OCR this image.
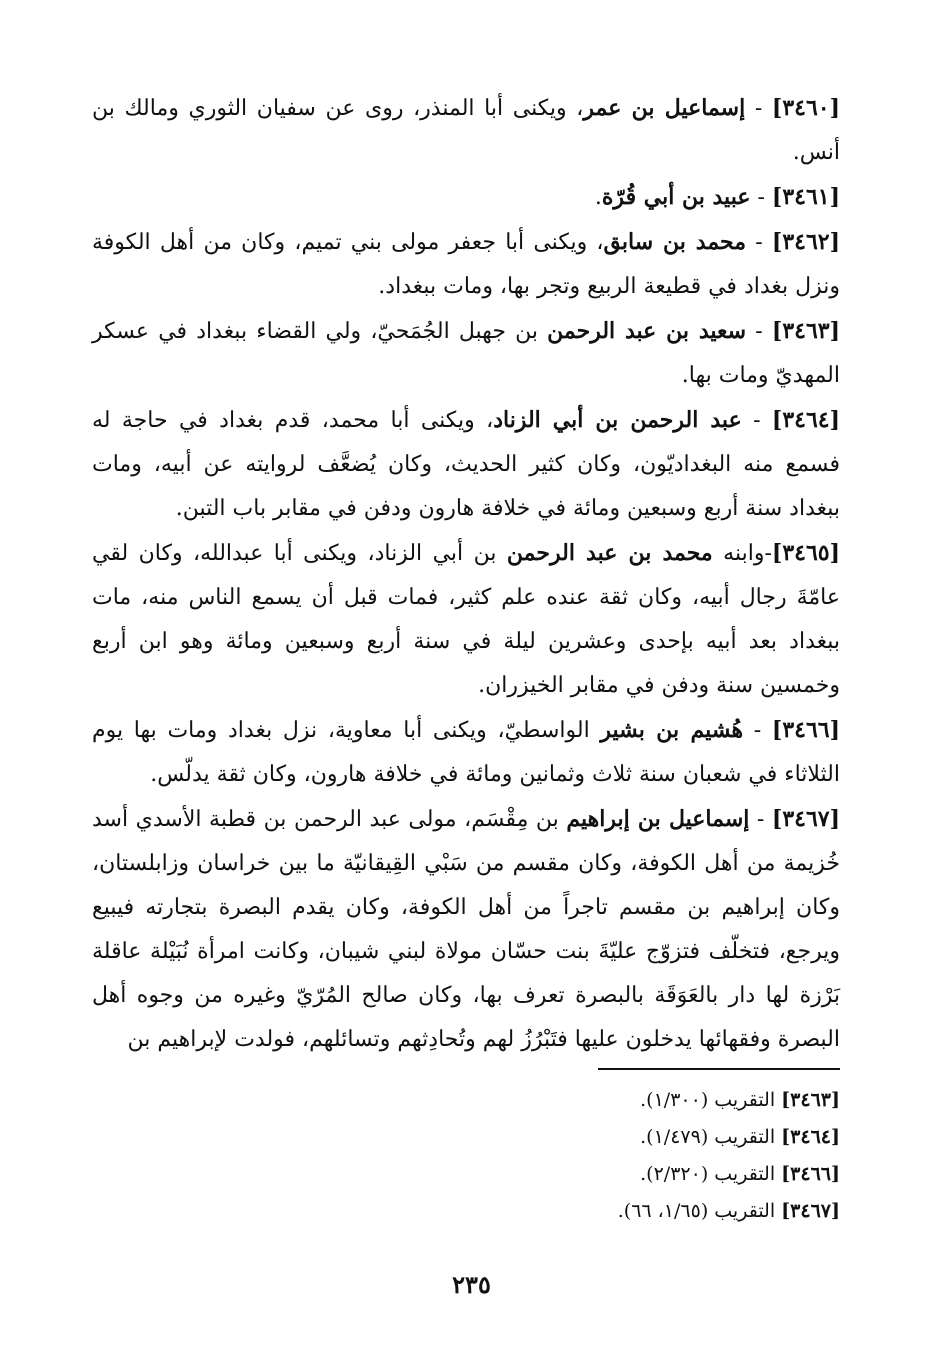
[٣٤٦٠] - إسماعيل بن عمر، ويكنى أبا المنذر، روى عن سفيان الثوري ومالك بن أنس.

[٣٤٦١] - عبيد بن أبي قُرّة.

[٣٤٦٢] - محمد بن سابق، ويكنى أبا جعفر مولى بني تميم، وكان من أهل الكوفة ونزل بغداد في قطيعة الربيع وتجر بها، ومات ببغداد.

[٣٤٦٣] - سعيد بن عبد الرحمن بن جهبل الجُمَحيّ، ولي القضاء ببغداد في عسكر المهديّ ومات بها.

[٣٤٦٤] - عبد الرحمن بن أبي الزناد، ويكنى أبا محمد، قدم بغداد في حاجة له فسمع منه البغداديّون، وكان كثير الحديث، وكان يُضعَّف لروايته عن أبيه، ومات ببغداد سنة أربع وسبعين ومائة في خلافة هارون ودفن في مقابر باب التبن.

[٣٤٦٥]-وابنه محمد بن عبد الرحمن بن أبي الزناد، ويكنى أبا عبدالله، وكان لقي عامّةَ رجال أبيه، وكان ثقة عنده علم كثير، فمات قبل أن يسمع الناس منه، مات ببغداد بعد أبيه بإحدى وعشرين ليلة في سنة أربع وسبعين ومائة وهو ابن أربع وخمسين سنة ودفن في مقابر الخيزران.

[٣٤٦٦] - هُشيم بن بشير الواسطيّ، ويكنى أبا معاوية، نزل بغداد ومات بها يوم الثلاثاء في شعبان سنة ثلاث وثمانين ومائة في خلافة هارون، وكان ثقة يدلّس.

[٣٤٦٧] - إسماعيل بن إبراهيم بن مِقْسَم، مولى عبد الرحمن بن قطبة الأسدي أسد خُزيمة من أهل الكوفة، وكان مقسم من سَبْي القِيقانيّة ما بين خراسان وزابلستان، وكان إبراهيم بن مقسم تاجراً من أهل الكوفة، وكان يقدم البصرة بتجارته فيبيع ويرجع، فتخلّف فتزوّج عليّةَ بنت حسّان مولاة لبني شيبان، وكانت امرأة نُبَيْلة عاقلة بَرْزة لها دار بالعَوَقَة بالبصرة تعرف بها، وكان صالح المُرّيّ وغيره من وجوه أهل البصرة وفقهائها يدخلون عليها فتَبْرُزُ لهم وتُحادِثهم وتسائلهم، فولدت لإبراهيم بن

[٣٤٦٣] التقريب (١/٣٠٠).
[٣٤٦٤] التقريب (١/٤٧٩).
[٣٤٦٦] التقريب (٢/٣٢٠).
[٣٤٦٧] التقريب (١/٦٥، ٦٦).
٢٣٥
